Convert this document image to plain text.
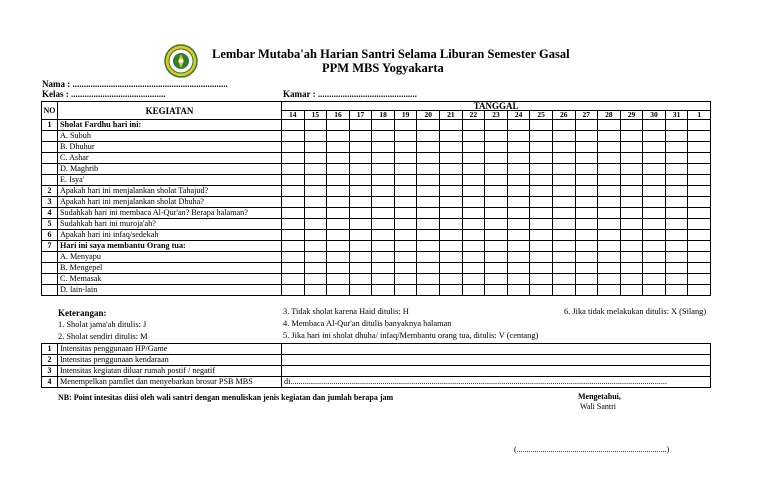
Lembar Mutaba'ah Harian Santri Selama Liburan Semester Gasal
PPM MBS Yogyakarta
Nama : .....................................................................
Kelas : ..........................................	Kamar : ............................................
NO	KEGIATAN	TANGGAL																		
		14	15	16	17	18	19	20	21	22	23	24	25	26	27	28	29	30	31	1
1	Sholat Fardhu hari ini:																			
	A. Subuh																			
	B. Dhuhur																			
	C. Ashar																			
	D. Maghrib																			
	E. Isya'																			
2	Apakah hari ini menjalankan sholat Tahajud?																			
3	Apakah hari ini menjalankan sholat Dhuha?																			
4	Sudahkah hari ini membaca Al-Qur'an? Berapa halaman?																			
5	Sudahkah hari ini muroja'ah?																			
6	Apakah hari ini infaq/sedekah																			
7	Hari ini saya membantu Orang tua:																			
	A. Menyapu																			
	B. Mengepel																			
	C. Memasak																			
	D. lain-lain																			
Keterangan:
1. Sholat jama'ah ditulis: J
2. Sholat sendiri ditulis: M
3. Tidak sholat karena Haid ditulis: H
4. Membaca Al-Qur'an ditulis banyaknya halaman
5. Jika hari ini sholat dhuha/ infaq/Membantu orang tua, ditulis: V (centang)
6. Jika tidak melakukan ditulis: X (Silang)
1	Intensitas penggunaan HP/Game	
2	Intensitas penggunaan kendaraan	
3	Intensitas kegiatan diluar rumah postif / negatif	
4	Menempelkan pamflet dan menyebarkan brosur PSB MBS	di........................................................................................................................................................................................
NB: Point intesitas diisi oleh wali santri dengan menuliskan jenis kegiatan dan jumlah berapa jam	Mengetahui,
Wali Santri
(...........................................................................)
